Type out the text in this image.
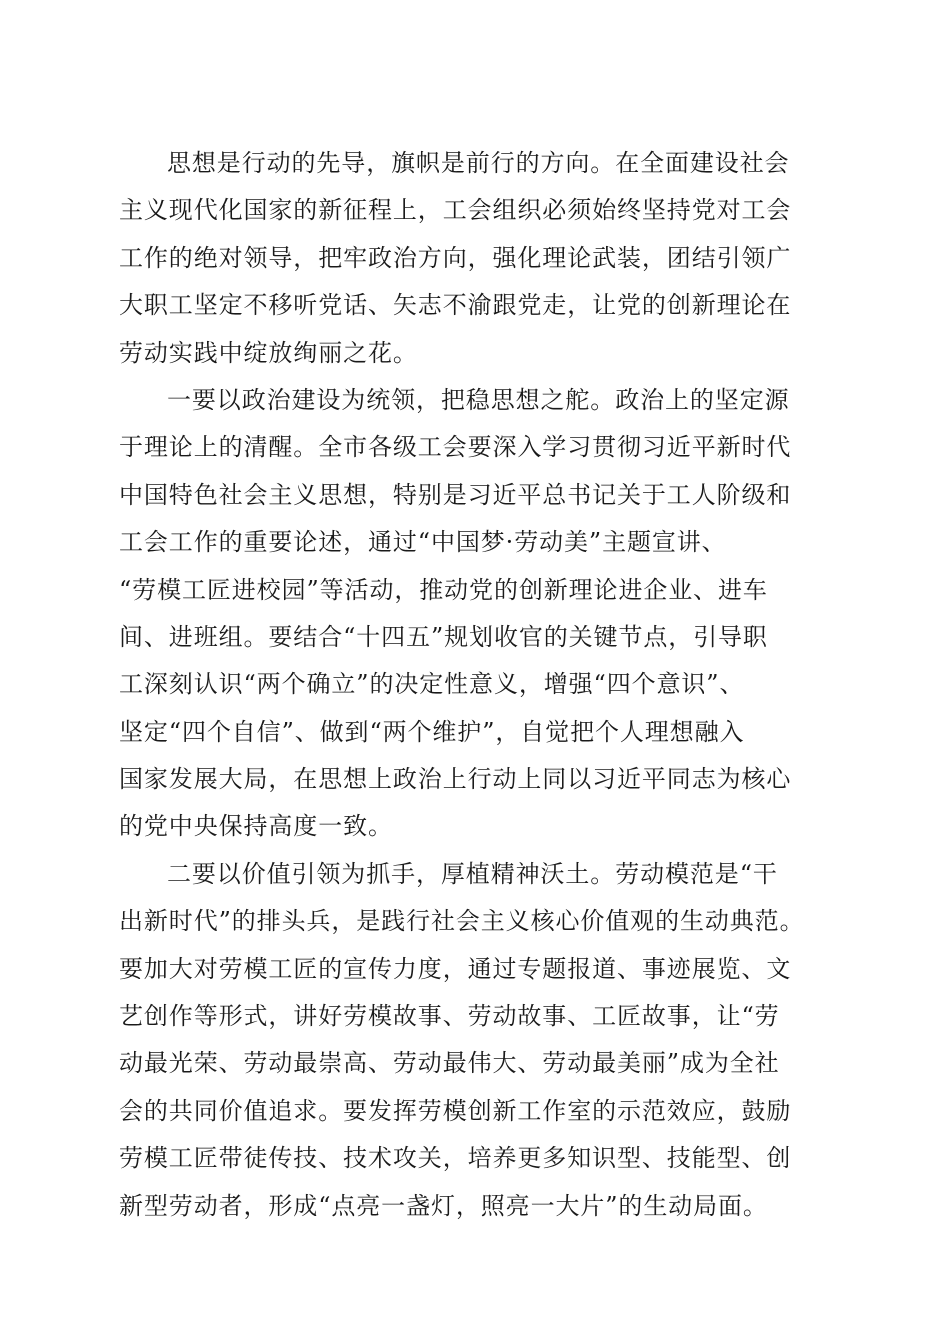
思想是行动的先导，旗帜是前行的方向。在全面建设社会
主义现代化国家的新征程上，工会组织必须始终坚持党对工会
工作的绝对领导，把牢政治方向，强化理论武装，团结引领广
大职工坚定不移听党话、矢志不渝跟党走，让党的创新理论在
劳动实践中绽放绚丽之花。
一要以政治建设为统领，把稳思想之舵。政治上的坚定源
于理论上的清醒。全市各级工会要深入学习贯彻习近平新时代
中国特色社会主义思想，特别是习近平总书记关于工人阶级和
工会工作的重要论述，通过“中国梦·劳动美”主题宣讲、
“劳模工匠进校园”等活动，推动党的创新理论进企业、进车
间、进班组。要结合“十四五”规划收官的关键节点，引导职
工深刻认识“两个确立”的决定性意义，增强“四个意识”、
坚定“四个自信”、做到“两个维护”，自觉把个人理想融入
国家发展大局，在思想上政治上行动上同以习近平同志为核心
的党中央保持高度一致。
二要以价值引领为抓手，厚植精神沃土。劳动模范是“干
出新时代”的排头兵，是践行社会主义核心价值观的生动典范。
要加大对劳模工匠的宣传力度，通过专题报道、事迹展览、文
艺创作等形式，讲好劳模故事、劳动故事、工匠故事，让“劳
动最光荣、劳动最崇高、劳动最伟大、劳动最美丽”成为全社
会的共同价值追求。要发挥劳模创新工作室的示范效应，鼓励
劳模工匠带徒传技、技术攻关，培养更多知识型、技能型、创
新型劳动者，形成“点亮一盏灯，照亮一大片”的生动局面。
